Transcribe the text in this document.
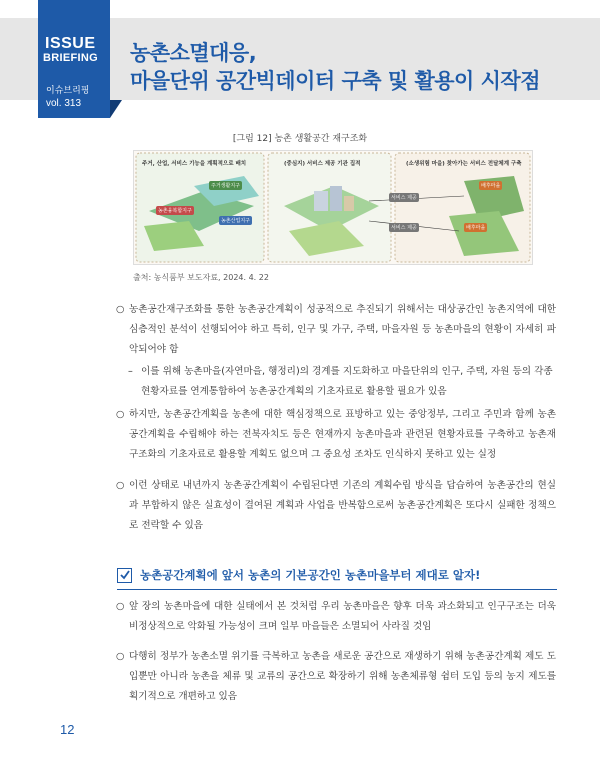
ISSUE
BRIEFING
이슈브리핑
vol. 313
농촌소멸대응,
마을단위 공간빅데이터 구축 및 활용이 시작점
[그림 12] 농촌 생활공간 재구조화
주거, 산업, 서비스 기능을 계획적으로 배치	(중심지) 서비스 제공 기관 집적	(소생위험 마을) 찾아가는 서비스 전달체계 구축
주거생활지구
농촌융복합지구
농촌산업지구
배후마을
배후마을
서비스 제공
서비스 제공
출처: 농식품부 보도자료, 2024. 4. 22
○ 농촌공간재구조화를 통한 농촌공간계획이 성공적으로 추진되기 위해서는 대상공간인 농촌지역에 대한 심층적인 분석이 선행되어야 하고 특히, 인구 및 가구, 주택, 마을자원 등 농촌마을의 현황이 자세히 파악되어야 함
– 이를 위해 농촌마을(자연마을, 행정리)의 경계를 지도화하고 마을단위의 인구, 주택, 자원 등의 각종 현황자료를 연계통합하여 농촌공간계획의 기초자료로 활용할 필요가 있음
○ 하지만, 농촌공간계획을 농촌에 대한 핵심정책으로 표방하고 있는 중앙정부, 그리고 주민과 함께 농촌공간계획을 수립해야 하는 전북자치도 등은 현재까지 농촌마을과 관련된 현황자료를 구축하고 농촌재구조화의 기초자료로 활용할 계획도 없으며 그 중요성 조차도 인식하지 못하고 있는 실정
○ 이런 상태로 내년까지 농촌공간계획이 수립된다면 기존의 계획수립 방식을 답습하여 농촌공간의 현실과 부합하지 않은 실효성이 결여된 계획과 사업을 반복함으로써 농촌공간계획은 또다시 실패한 정책으로 전락할 수 있음
농촌공간계획에 앞서 농촌의 기본공간인 농촌마을부터 제대로 알자!
○ 앞 장의 농촌마을에 대한 실태에서 본 것처럼 우리 농촌마을은 향후 더욱 과소화되고 인구구조는 더욱 비정상적으로 악화될 가능성이 크며 일부 마을들은 소멸되어 사라질 것임
○ 다행히 정부가 농촌소멸 위기를 극복하고 농촌을 새로운 공간으로 재생하기 위해 농촌공간계획 제도 도입뿐만 아니라 농촌을 체류 및 교류의 공간으로 확장하기 위해 농촌체류형 쉼터 도입 등의 농지 제도를 획기적으로 개편하고 있음
12
